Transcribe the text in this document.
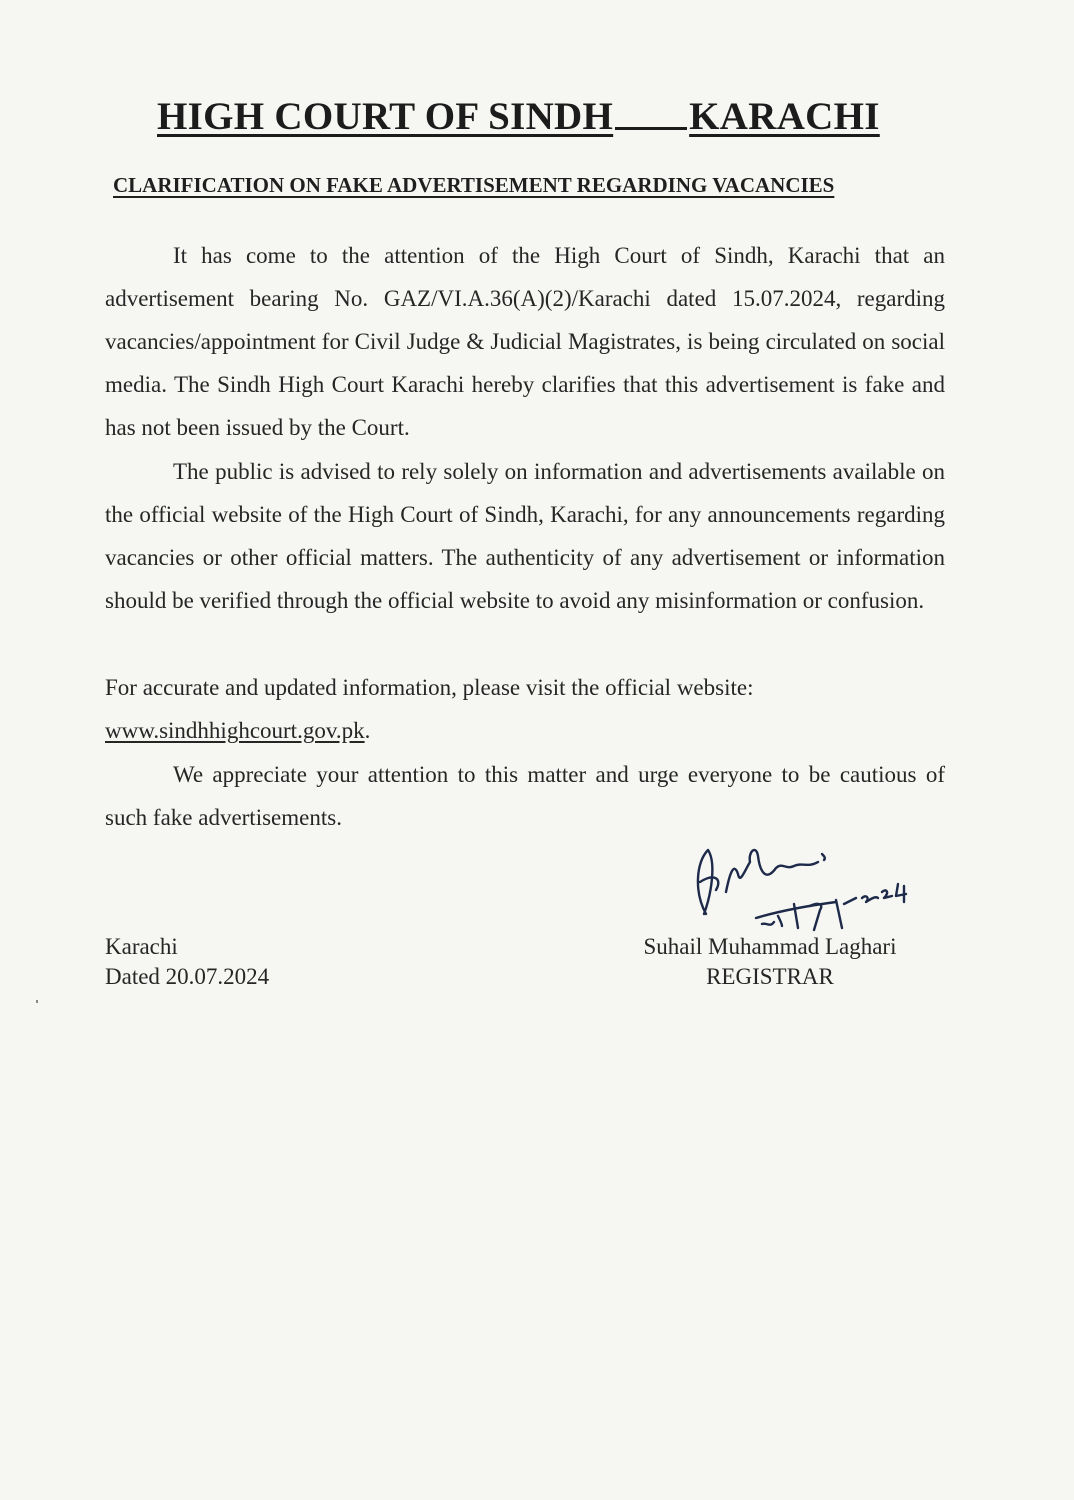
HIGH COURT OF SINDH KARACHI
CLARIFICATION ON FAKE ADVERTISEMENT REGARDING VACANCIES

It has come to the attention of the High Court of Sindh, Karachi that an advertisement bearing No. GAZ/VI.A.36(A)(2)/Karachi dated 15.07.2024, regarding vacancies/appointment for Civil Judge & Judicial Magistrates, is being circulated on social media. The Sindh High Court Karachi hereby clarifies that this advertisement is fake and has not been issued by the Court.

The public is advised to rely solely on information and advertisements available on the official website of the High Court of Sindh, Karachi, for any announcements regarding vacancies or other official matters. The authenticity of any advertisement or information should be verified through the official website to avoid any misinformation or confusion.

For accurate and updated information, please visit the official website:
www.sindhhighcourt.gov.pk.

We appreciate your attention to this matter and urge everyone to be cautious of such fake advertisements.

Karachi
Dated 20.07.2024
Suhail Muhammad Laghari
REGISTRAR
